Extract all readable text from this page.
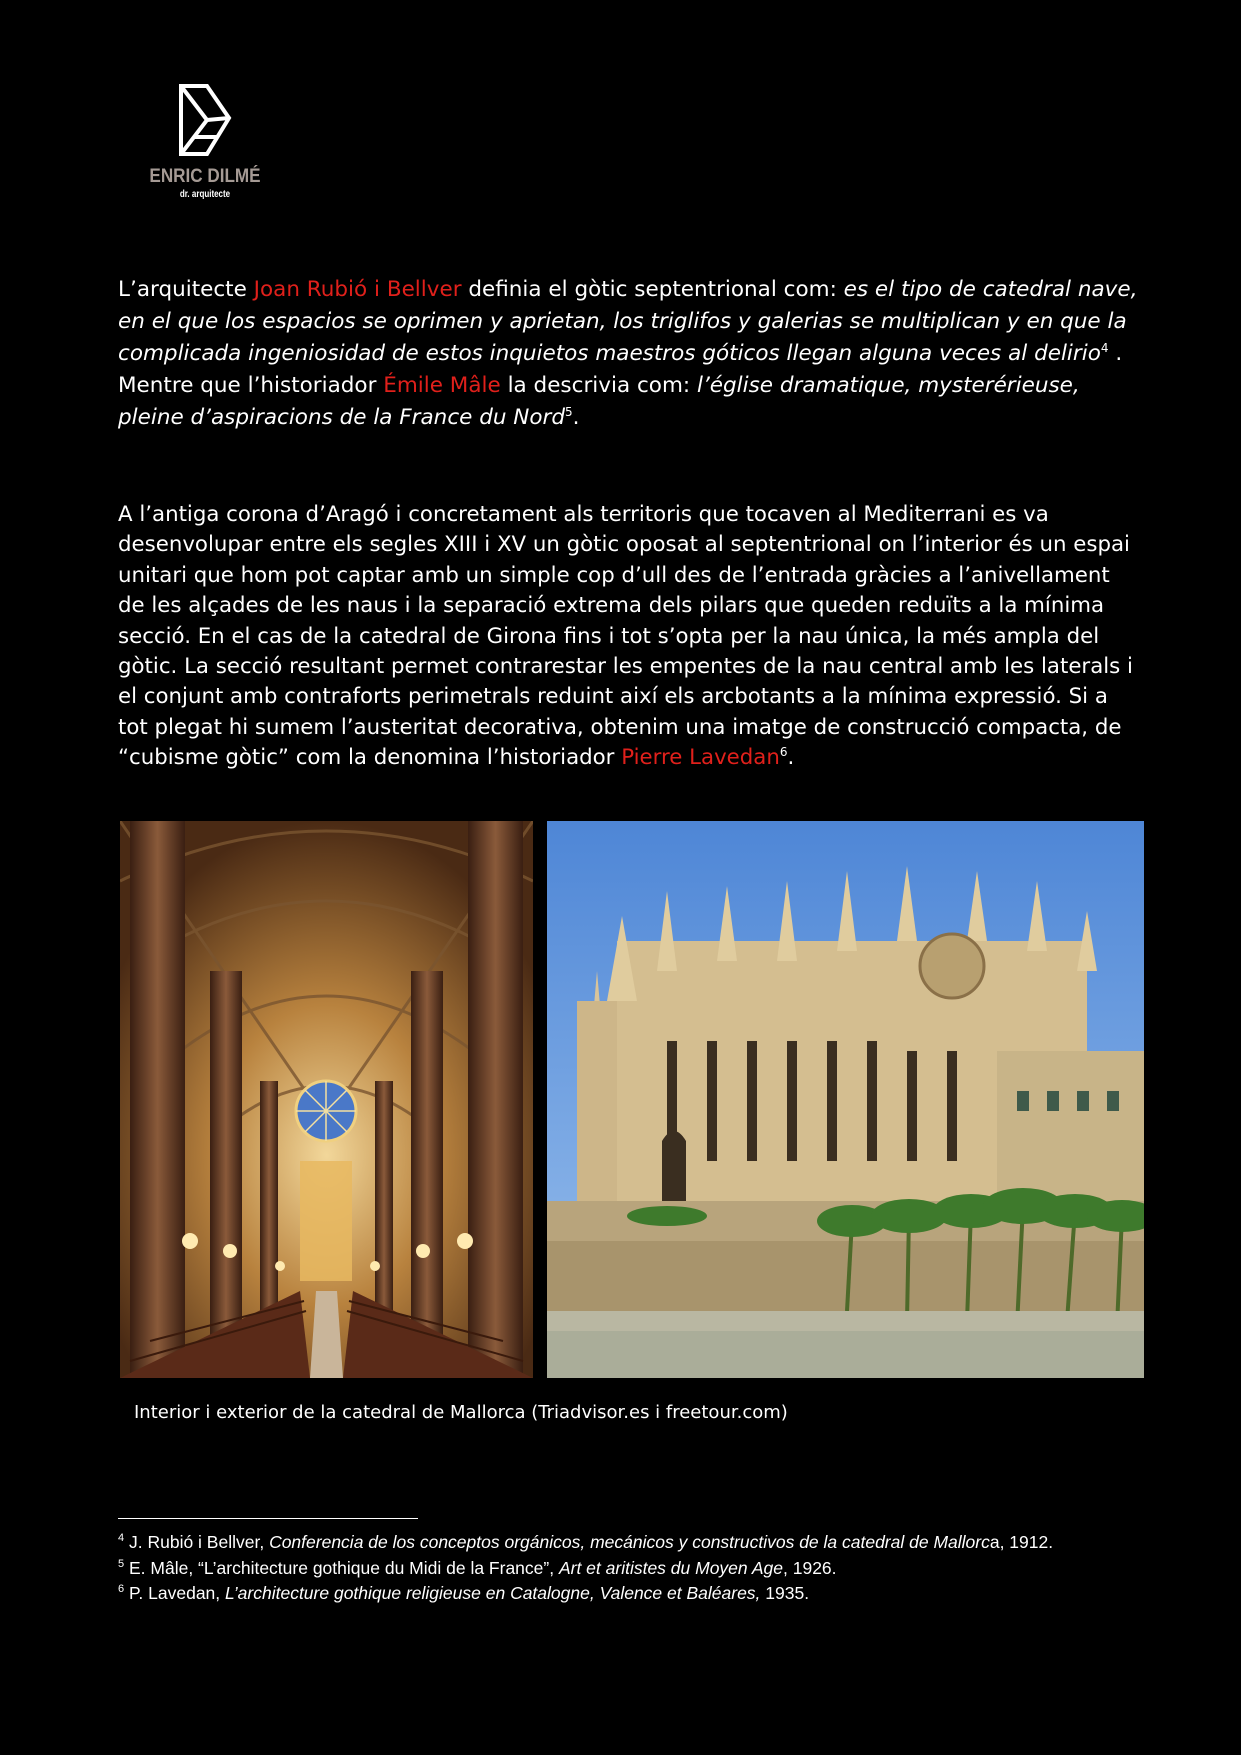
ENRIC DILMÉ
dr. arquitecte
L’arquitecte Joan Rubió i Bellver definia el gòtic septentrional com: es el tipo de catedral nave, en el que los espacios se oprimen y aprietan, los triglifos y galerias se multiplican y en que la complicada ingeniosidad de estos inquietos maestros góticos llegan alguna veces al delirio$^4$ . Mentre que l’historiador Émile Mâle la descrivia com: l’église dramatique, mysterérieuse, pleine d’aspiracions de la France du Nord$^5$.
A l’antiga corona d’Aragó i concretament als territoris que tocaven al Mediterrani es va desenvolupar entre els segles XIII i XV un gòtic oposat al septentrional on l’interior és un espai unitari que hom pot captar amb un simple cop d’ull des de l’entrada gràcies a l’anivellament de les alçades de les naus i la separació extrema dels pilars que queden reduïts a la mínima secció. En el cas de la catedral de Girona fins i tot s’opta per la nau única, la més ampla del gòtic. La secció resultant permet contrarestar les empentes de la nau central amb les laterals i el conjunt amb contraforts perimetrals reduint així els arcbotants a la mínima expressió. Si a tot plegat hi sumem l’austeritat decorativa, obtenim una imatge de construcció compacta, de “cubisme gòtic” com la denomina l’historiador Pierre Lavedan$^6$.
Interior i exterior de la catedral de Mallorca (Triadvisor.es i freetour.com)
$^4$ J. Rubió i Bellver, Conferencia de los conceptos orgánicos, mecánicos y constructivos de la catedral de Mallorca, 1912.
$^5$ E. Mâle, “L’architecture gothique du Midi de la France”, Art et aritistes du Moyen Age, 1926.
$^6$ P. Lavedan, L’architecture gothique religieuse en Catalogne, Valence et Baléares, 1935.
